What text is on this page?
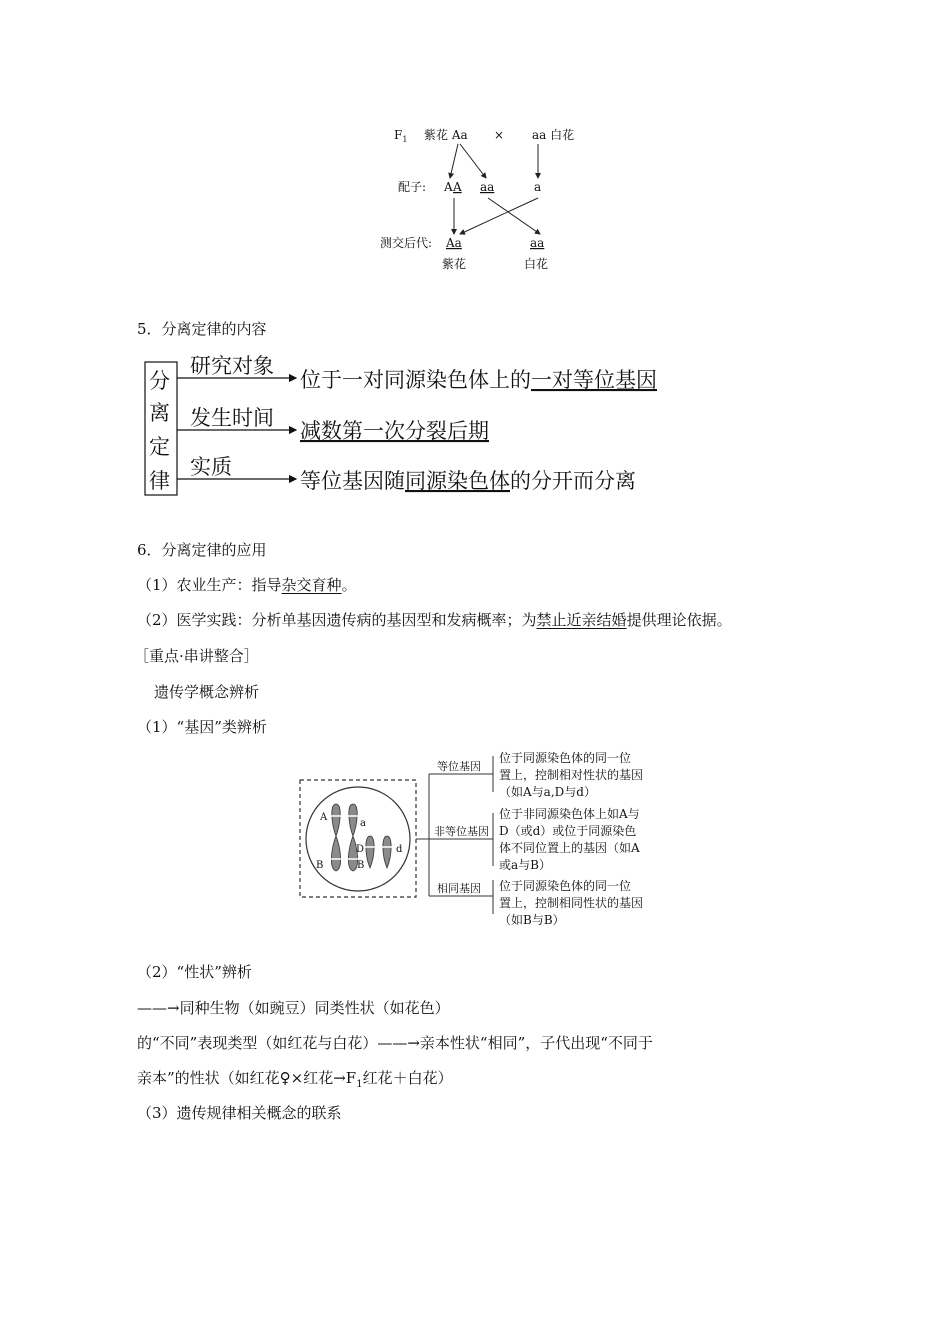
$F_1$ 紫花 Aa × aa 白花
配子: A A aa	a
测交后代: Aa	aa
紫花	白花
5．分离定律的内容
分
离
定
律
研究对象
发生时间
实质
位于一对同源染色体上的一对等位基因
减数第一次分裂后期
等位基因随同源染色体的分开而分离
6．分离定律的应用
（1）农业生产：指导杂交育种。
（2）医学实践：分析单基因遗传病的基因型和发病概率；为禁止近亲结婚提供理论依据。
［重点·串讲整合］
遗传学概念辨析
（1）“基因”类辨析
A
a
B	B
D	d
等位基因
非等位基因
相同基因
位于同源染色体的同一位
置上，控制相对性状的基因
（如A与a,D与d）
位于非同源染色体上如A与
D（或d）或位于同源染色
体不同位置上的基因（如A
或a与B）
位于同源染色体的同一位
置上，控制相同性状的基因
（如B与B）
（2）“性状”辨析
——→同种生物（如豌豆）同类性状（如花色）
的“不同”表现类型（如红花与白花）——→亲本性状“相同”，子代出现“不同于
亲本”的性状（如红花♀×红花$\to F_1$红花＋白花）
（3）遗传规律相关概念的联系
